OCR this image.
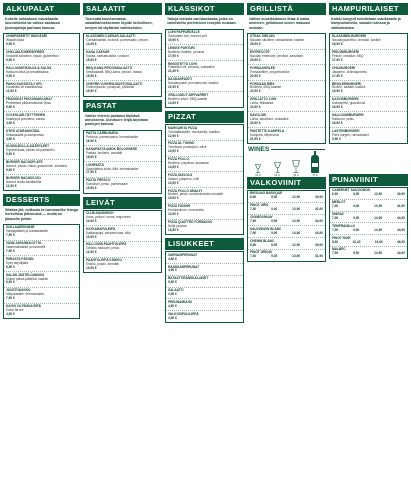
ALKUPALAT
Kokeile nakkaluosi maukkaalla luunuristella tai valitse aasiassa juomapaloja parhaan kanssa.
CHIMPSBERTIT INKIVÄÄRI
Wasabi-lipsa
9,90 €
CHILI-MAJONEESI/FRIES
Krokotiili kokoinen, lipsali, gluteeniton
9,90 €
HALLOUMITIKKUJA & SALSA
Halloumi-tikut ja tomaattisalsa
9,90 €
PAKKI KAKSISTA 2 KPL
Kanaisilta eri kastikkeissa
12,90 €
FRANSKAT PIKKUMAKKARAT
Perinteiset pikkumakkarat, lipsa
9,90 €
COLESLAW-TÄYTTEINEN
Kaaleja ja porkkana, maissi
4,90 €
KYRÖ ATARANGOIDA
Sekasalaatti ja savuporsas
4,90 €
KUOMI-BOLLA-KÄÄRYLEET
Sipulirenkaat, kinkku tai paahdettu
9,90 €
BURGER NACHOPLATE
Nachot, juusto, salsa, guacamole, smetana
9,90 €
BURGER NACHOS ISO
Nachot isoilla kastikkeilla
12,90 €
DESSERTS
Silakka jää, mitkoola ta hammaslike Kanga herkullisia jälkiruokia — mutta on jäkaselle pelain.
SUKLAABROWNIE
Vaniljajäätelö ja suklaakastike
7,90 €
VANILJAPANNACOTTA
Vadelmakastike ja karamelli
7,90 €
PIIRASTA PÄIVÄN
Kysy tarjoilijalta
6,90 €
SALAN JÄÄTELÖANNOS
Kolme palloa jäätelöä, kastike
6,90 €
JUUSTOKAKKU
Marjakastike, kermavaahto
7,90 €
KAHVI JA PIKKULEIPÄ
Kahvi tai tee
4,90 €
SALAATIT
Tuoreutta kasvismaasta, salaattianneksemme löydät herkullisen, kevyen tai täyttävän vaihtoehdon.
KLASSINEN CAESAR-SALAATTI
Caesarkastike, krutonit, parmesaani, pekoni
14,90 €
KANA CAESAR
Kanaa, caesarkastike, krutonit
15,90 €
BBQ-KANA-PEKONISALAATTI
Sekasalaatti, BBQ-kana, pekoni, maissi
15,90 €
CHEVRE-VUOHENJUUSTOSALAATTI
Vuohenjuusto, punajuuri, pähkinät
15,90 €
PASTAT
Valitse mielesi pastaksi täyttävä annoksena. Uunituore leipä tarjotaan pastojen kanssa.
PASTA CARBONARA
Pekonia, parmesaania, kermakastike
16,90 €
KANAPASTA AMOK BOLOGNESE
Pastaa, broileria, tomaatti
16,90 €
LOHIPASTA
Savustettua lohta, tilliä, kermakastike
17,90 €
PASTA FRESCO
Kasvikset, pesto, parmesaani
15,90 €
LEIVÄT
CLUB-SANDWICH
Kana, pekoni, muna, majoneesi
14,90 €
KATKARAPULEIPÄ
Katkarapuja, kananmunaa, tilliä
13,90 €
HALLOUMI-PAAHTOLEIPÄ
Grillattu halloumi, pesto
12,90 €
PAAHTOLEIPÄ KINKKU
Kinkku, juusto, tomaatti
10,90 €
KLASSIKOT
Taitoja historia vanhaankanta, jotka on valmistettu perinteisen reseptin mukaan.
LOHI PAPPARDELLE
Savustettu lohi, tuoreet yrtit
19,90 €
LEIKKE PUHTURI
Broileria, kastike, perunat
17,90 €
RIIGOITETTU LOHI
Paistettu lohi, perunat, voikastike
21,90 €
NAUDANPAISTI
Naudanpaisti, perunamuusi, kastike
22,90 €
GRILLOIDUT SIIPIVARRET
Broilerin siivet, BBQ-kastike
14,90 €
PIZZAT
MARGARITA PIZZA
Tomaattikastike, mozzarella, basilika
12,90 €
PIZZA AL TONNO
Tonnikala, punasipuli, oliivit
14,90 €
PIZZA POLLO
Broileria, paprikaa, ananasta
14,90 €
PIZZA DIAVOLO
Salami, jalapeno, chili
14,90 €
PIZZA POLLO AMALFI
Broileri, pesto, aurinkokuivattu tomaatti
15,90 €
PIZZA FUNGHI
Herkkusienet, mozzarella
13,90 €
PIZZA QUATTRO FORMAGGI
Neljä juustoa
15,90 €
LISUKKEET
VARHAISPERUNAT
4,90 €
RANSKANPERUNAT
4,90 €
BATAATTIRANSKALAISET
5,90 €
SALAATTI
4,90 €
PERUNAMUUSI
4,90 €
VALKOSIPULILEIPÄ
4,90 €
GRILLISTÄ
Valitse suosikkiannos lihaa & kalaa omineen, grillattuna omien makuasi mukaan.
STEAK SIRLOIN
Naudan ulkofilee, ranskalaiset, kastike
28,90 €
ENTRECOTE
Naudan entrecote, perunat, kasvikset
29,90 €
PORSAANFILEE
Porsaanfilee, pepperkastike
22,90 €
PORSAAN RIBS
Broileria, BBQ-kastike
22,90 €
GRILLATTU LOHI
Lohta, tillikastike
24,90 €
SAVULOHI
Lohta, kasvikset, voikastike
23,90 €
PAISTETTU KAMPELA
Kampela, tilliperunat
21,90 €
WINES
12 cl	16 cl	24 cl	75 cl
VALKOVIINIT
RIESLING BAROQUE
6,90	8,90	12,90	39,90
PINOT GRIS
7,40	9,40	13,90	41,90
CHARDONNAY
7,90	9,90	14,90	44,90
SAUVIGNON BLANC
7,90	9,90	14,90	44,90
CHENIN BLANC
6,90	8,90	12,90	39,90
PINOT GRIGIO
7,40	9,40	13,90	41,90
HAMPURILAISET
Kaikki burgerit toimitetaan maukkaalla ja hampurilaisella, salaatin kanssa ja valikoimaista.
KLASSINEN BURGERI
Naudanjauheliha, cheddar, kastike
16,90 €
PEKONIBURGERI
Pekoni, cheddar, BBQ
17,90 €
CHILIBURGERI
Jalapeno, chilimajoneesi
17,90 €
BROILERBURGERI
Broileri, salaatti, kastike
16,90 €
KASVISBURGERI
Kasvispihvi, guacamole
16,90 €
HALLOUMIBURGERI
Halloumi, pesto
16,90 €
LASTENBURGERI
Pieni burgeri, ranskalaiset
9,90 €
PUNAVIINIT
CABERNET SAUVIGNON
6,90	8,90	12,90	39,90
MERLOT
7,40	9,40	13,90	41,90
SHIRAZ
7,90	9,90	14,90	44,90
TEMPRANILLO
7,90	9,90	14,90	44,90
PINOT NOIR
8,40	10,40	15,90	46,90
MALBEC
7,90	9,90	14,90	44,90
